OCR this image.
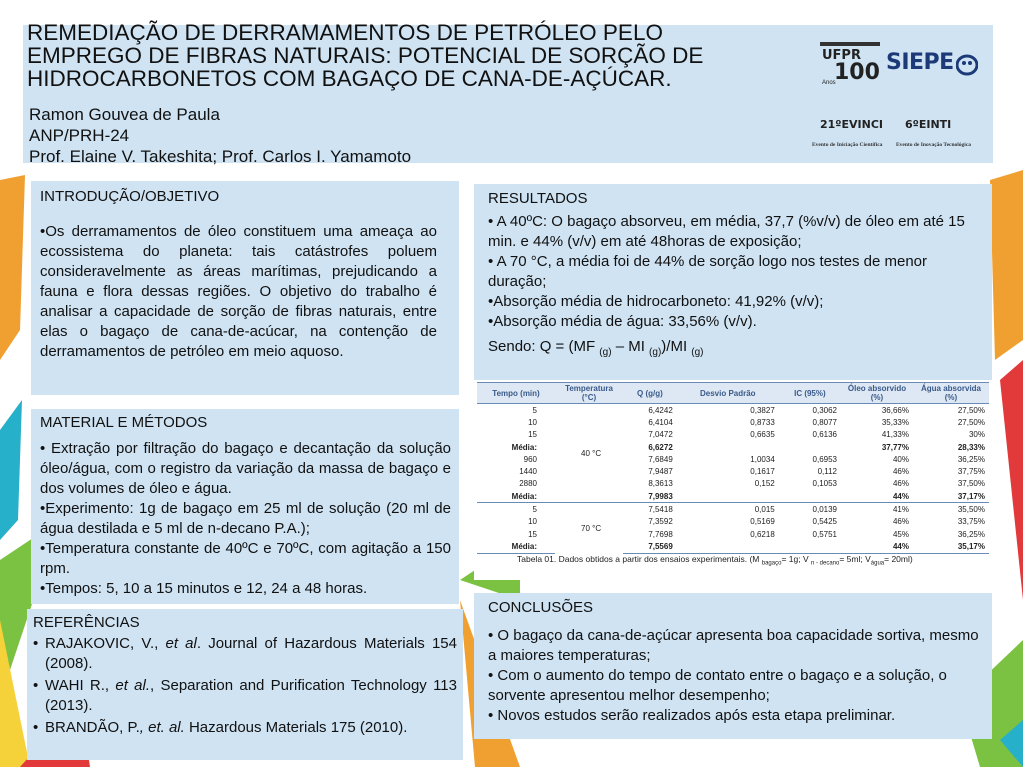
REMEDIAÇÃO DE DERRAMAMENTOS DE PETRÓLEO PELO
EMPREGO DE FIBRAS NATURAIS: POTENCIAL DE SORÇÃO DE
HIDROCARBONETOS COM BAGAÇO DE CANA-DE-AÇÚCAR.
Ramon Gouvea de Paula
ANP/PRH-24
Prof. Elaine V. Takeshita; Prof. Carlos I. Yamamoto
UFPR
100
Anos
SIEPE
21ºEVINCI 6ºEINTI
Evento de Iniciação Científica Evento de Inovação Tecnológica
INTRODUÇÃO/OBJETIVO
•Os derramamentos de óleo constituem uma ameaça ao ecossistema do planeta: tais catástrofes poluem consideravelmente as áreas marítimas, prejudicando a fauna e flora dessas regiões. O objetivo do trabalho é analisar a capacidade de sorção de fibras naturais, entre elas o bagaço de cana-de-acúcar, na contenção de derramamentos de petróleo em meio aquoso.
MATERIAL E MÉTODOS
• Extração por filtração do bagaço e decantação da solução óleo/água, com o registro da variação da massa de bagaço e dos volumes de óleo e água.
•Experimento: 1g de bagaço em 25 ml de solução (20 ml de água destilada e 5 ml de n-decano P.A.);
•Temperatura constante de 40ºC e 70ºC, com agitação a 150 rpm.
•Tempos: 5, 10 a 15 minutos e 12, 24 a 48 horas.
REFERÊNCIAS
• RAJAKOVIC, V., et al. Journal of Hazardous Materials 154 (2008).
• WAHI R., et al., Separation and Purification Technology 113 (2013).
• BRANDÃO, P., et. al. Hazardous Materials 175 (2010).
RESULTADOS
• A 40ºC: O bagaço absorveu, em média, 37,7 (%v/v) de óleo em até 15 min. e 44% (v/v) em até 48horas de exposição;
• A 70 °C, a média foi de 44% de sorção logo nos testes de menor duração;
•Absorção média de hidrocarboneto: 41,92% (v/v);
•Absorção média de água: 33,56% (v/v).
Sendo: Q = (MF $_{(g)}$ – MI $_{(g)}$)/MI $_{(g)}$
Tempo (min)	Temperatura (°C)	Q (g/g)	Desvio Padrão	IC (95%)	Óleo absorvido (%)	Água absorvida (%)
5	40 °C	6,4242	0,3827	0,3062	36,66%	27,50%
10		6,4104	0,8733	0,8077	35,33%	27,50%
15		7,0472	0,6635	0,6136	41,33%	30%
Média:		6,6272			37,77%	28,33%
960		7,6849	1,0034	0,6953	40%	36,25%
1440		7,9487	0,1617	0,112	46%	37,75%
2880		8,3613	0,152	0,1053	46%	37,50%
Média:		7,9983			44%	37,17%
5	70 °C	7,5418	0,015	0,0139	41%	35,50%
10		7,3592	0,5169	0,5425	46%	33,75%
15		7,7698	0,6218	0,5751	45%	36,25%
Média:		7,5569			44%	35,17%
Tabela 01. Dados obtidos a partir dos ensaios experimentais. (M $_{bagaço}$= 1g; V $_{n - decano}$= 5ml; $V_{água}= 20ml$)
CONCLUSÕES
• O bagaço da cana-de-açúcar apresenta boa capacidade sortiva, mesmo a maiores temperaturas;
• Com o aumento do tempo de contato entre o bagaço e a solução, o sorvente apresentou melhor desempenho;
• Novos estudos serão realizados após esta etapa preliminar.
